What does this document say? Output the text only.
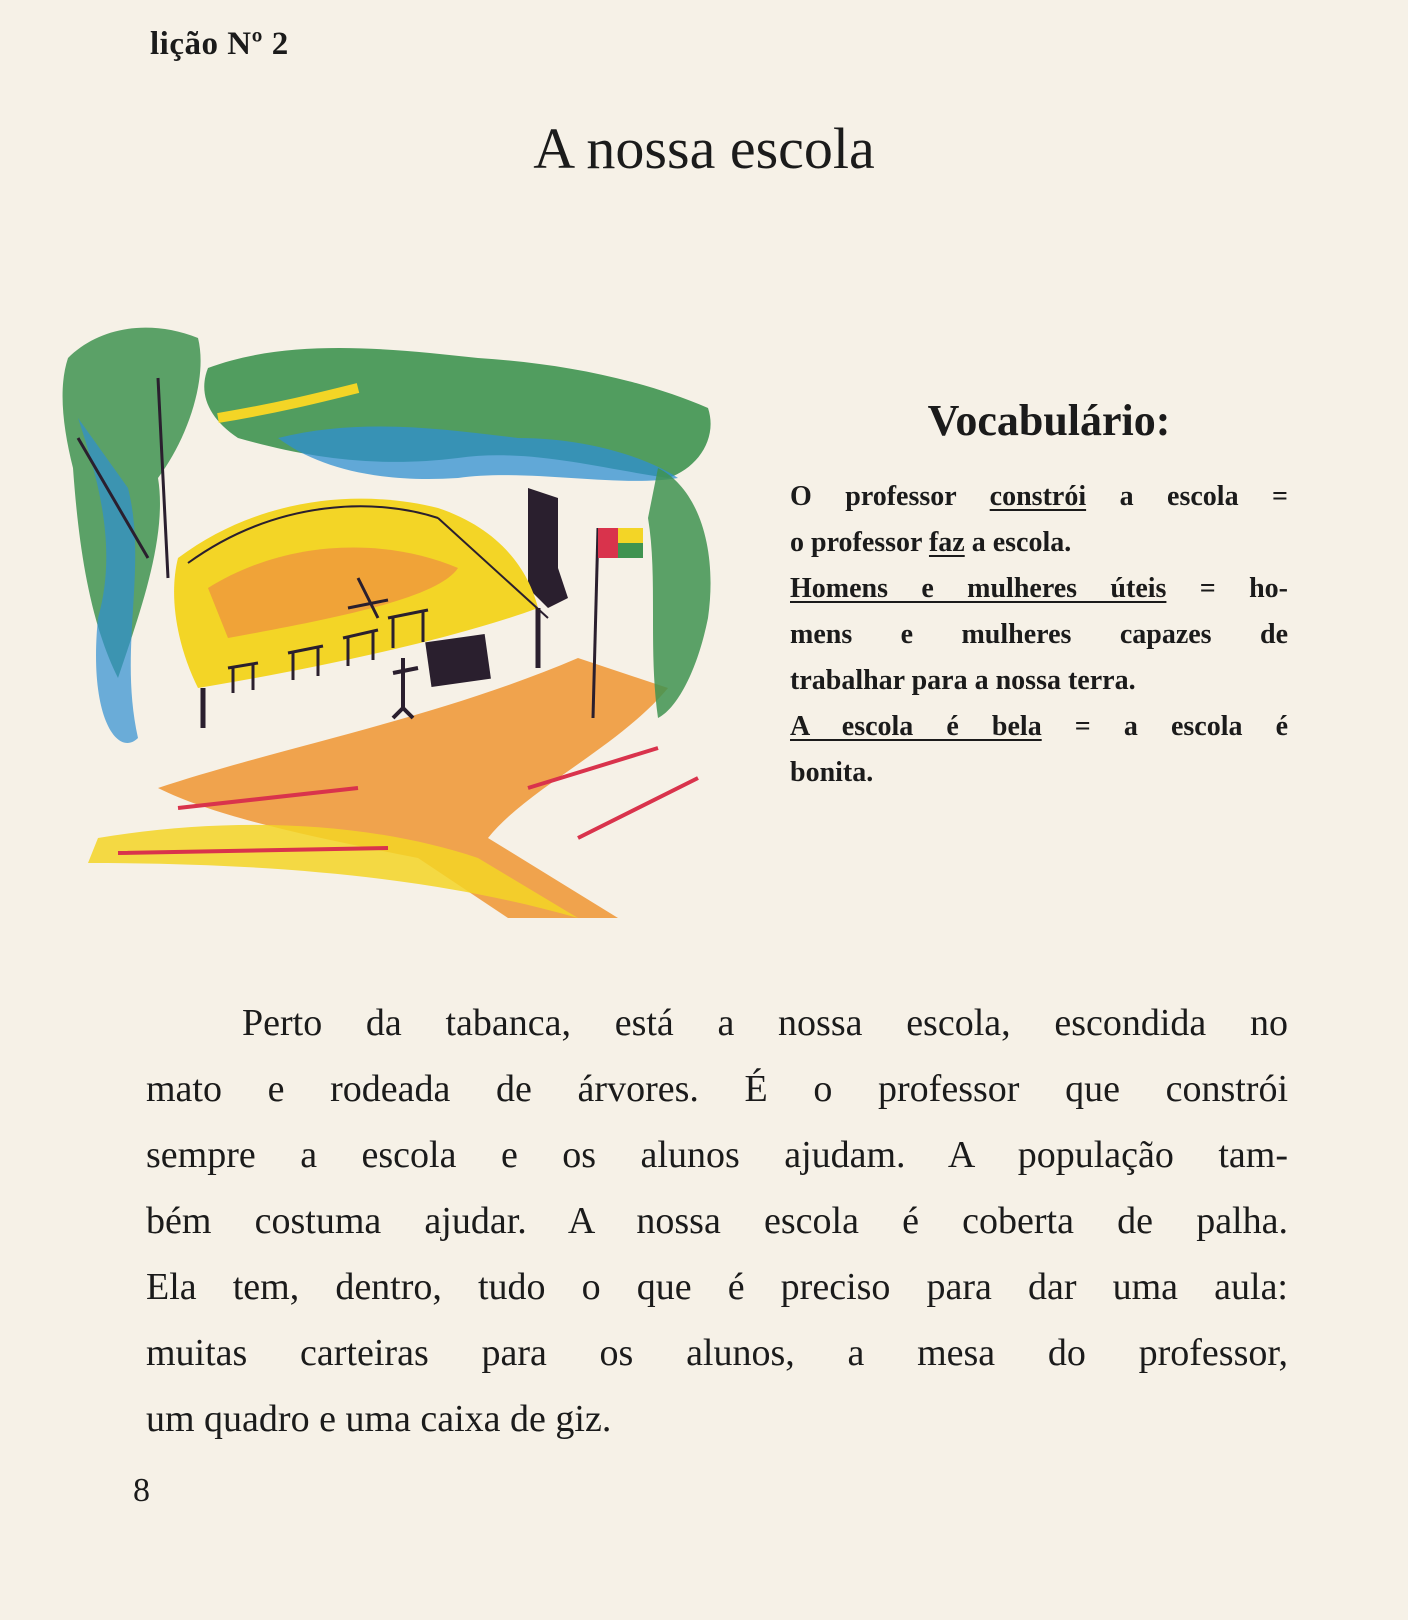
lição Nº 2
A nossa escola
Vocabulário:

O professor constrói a escola =
o professor faz a escola.
Homens e mulheres úteis = ho-
mens e mulheres capazes de
trabalhar para a nossa terra.
A escola é bela = a escola é
bonita.

Perto da tabanca, está a nossa escola, escondida no
mato e rodeada de árvores. É o professor que constrói
sempre a escola e os alunos ajudam. A população tam-
bém costuma ajudar. A nossa escola é coberta de palha.
Ela tem, dentro, tudo o que é preciso para dar uma aula:
muitas carteiras para os alunos, a mesa do professor,
um quadro e uma caixa de giz.

8
